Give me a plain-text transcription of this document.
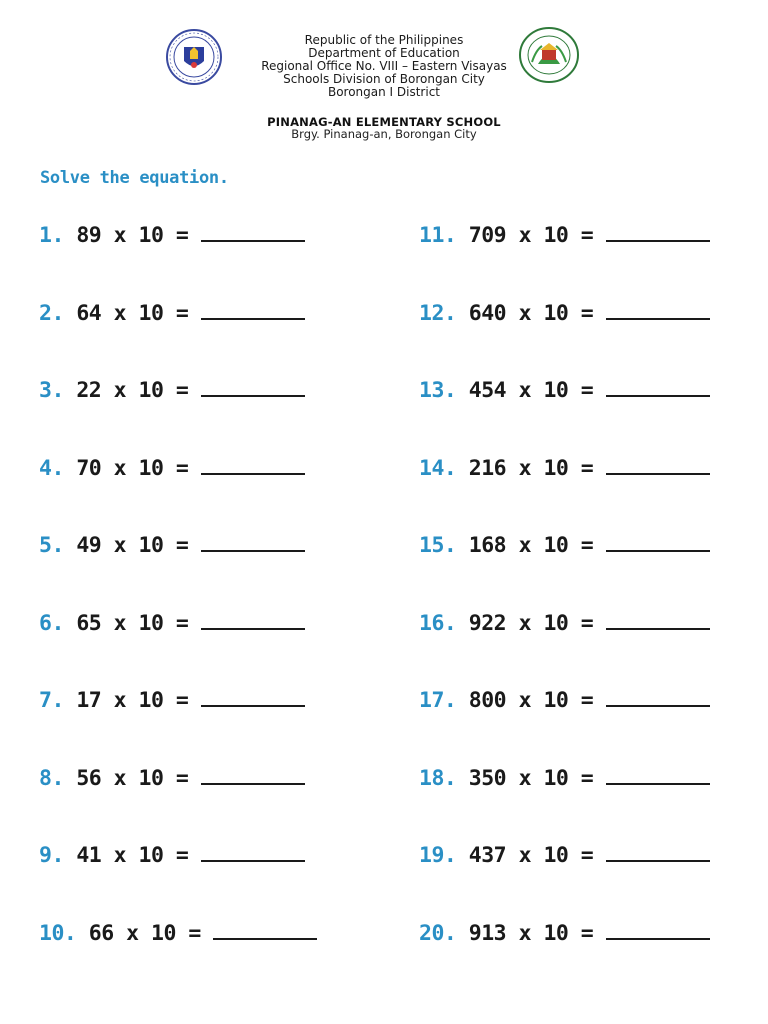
Republic of the Philippines
Department of Education
Regional Office No. VIII – Eastern Visayas
Schools Division of Borongan City
Borongan I District
PINANAG-AN ELEMENTARY SCHOOL
Brgy. Pinanag-an, Borongan City
Solve the equation.
1. 89 x 10 =
2. 64 x 10 =
3. 22 x 10 =
4. 70 x 10 =
5. 49 x 10 =
6. 65 x 10 =
7. 17 x 10 =
8. 56 x 10 =
9. 41 x 10 =
10. 66 x 10 =
11. 709 x 10 =
12. 640 x 10 =
13. 454 x 10 =
14. 216 x 10 =
15. 168 x 10 =
16. 922 x 10 =
17. 800 x 10 =
18. 350 x 10 =
19. 437 x 10 =
20. 913 x 10 =
